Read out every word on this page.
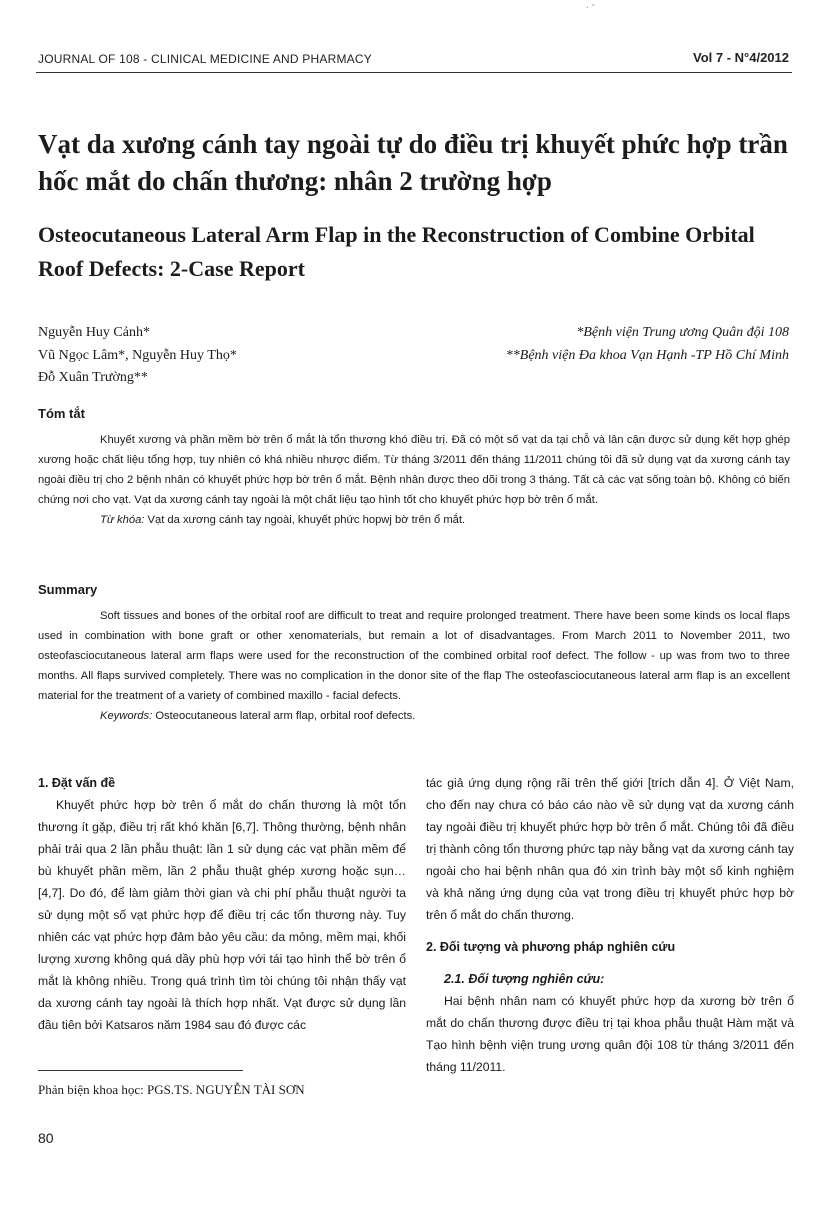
. -
JOURNAL OF 108 - CLINICAL MEDICINE AND PHARMACY	Vol 7 - N°4/2012
Vạt da xương cánh tay ngoài tự do điều trị khuyết phức hợp trần hốc mắt do chấn thương: nhân 2 trường hợp
Osteocutaneous Lateral Arm Flap in the Reconstruction of Combine Orbital Roof Defects: 2-Case Report
Nguyễn Huy Cảnh*
Vũ Ngọc Lâm*, Nguyễn Huy Thọ*
Đỗ Xuân Trường**
*Bệnh viện Trung ương Quân đội 108
**Bệnh viện Đa khoa Vạn Hạnh -TP Hồ Chí Minh
Tóm tắt

Khuyết xương và phần mềm bờ trên ổ mắt là tổn thương khó điều trị. Đã có một số vạt da tại chỗ và lân cận được sử dụng kết hợp ghép xương hoặc chất liệu tổng hợp, tuy nhiên có khá nhiều nhược điểm. Từ tháng 3/2011 đến tháng 11/2011 chúng tôi đã sử dụng vạt da xương cánh tay ngoài điều trị cho 2 bệnh nhân có khuyết phức hợp bờ trên ổ mắt. Bệnh nhân được theo dõi trong 3 tháng. Tất cả các vạt sống toàn bộ. Không có biến chứng nơi cho vạt. Vạt da xương cánh tay ngoài là một chất liệu tạo hình tốt cho khuyết phức hợp bờ trên ổ mắt.

Từ khóa: Vạt da xương cánh tay ngoài, khuyết phức hopwj bờ trên ổ mắt.

Summary

Soft tissues and bones of the orbital roof are difficult to treat and require prolonged treatment. There have been some kinds os local flaps used in combination with bone graft or other xenomaterials, but remain a lot of disadvantages. From March 2011 to November 2011, two osteofasciocutaneous lateral arm flaps were used for the reconstruction of the combined orbital roof defect. The follow - up was from two to three months. All flaps survived completely. There was no complication in the donor site of the flap The osteofasciocutaneous lateral arm flap is an excellent material for the treatment of a variety of combined maxillo - facial defects.

Keywords: Osteocutaneous lateral arm flap, orbital roof defects.

1. Đặt vấn đề

Khuyết phức hợp bờ trên ổ mắt do chấn thương là một tổn thương ít gặp, điều trị rất khó khăn [6,7]. Thông thường, bệnh nhân phải trải qua 2 lần phẫu thuật: lần 1 sử dụng các vạt phần mềm để bù khuyết phần mềm, lần 2 phẫu thuật ghép xương hoặc sụn… [4,7]. Do đó, để làm giảm thời gian và chi phí phẫu thuật người ta sử dụng một số vạt phức hợp để điều trị các tổn thương này. Tuy nhiên các vạt phức hợp đảm bảo yêu cầu: da mỏng, mềm mại, khối lượng xương không quá dầy phù hợp với tái tạo hình thể bờ trên ổ mắt là không nhiều. Trong quá trình tìm tòi chúng tôi nhận thấy vạt da xương cánh tay ngoài là thích hợp nhất. Vạt được sử dụng lần đầu tiên bởi Katsaros năm 1984 sau đó được các

tác giả ứng dụng rộng rãi trên thế giới [trích dẫn 4]. Ở Việt Nam, cho đến nay chưa có báo cáo nào về sử dụng vạt da xương cánh tay ngoài điều trị khuyết phức hợp bờ trên ổ mắt. Chúng tôi đã điều trị thành công tổn thương phức tạp này bằng vạt da xương cánh tay ngoài cho hai bệnh nhân qua đó xin trình bày một số kinh nghiệm và khả năng ứng dụng của vạt trong điều trị khuyết phức hợp bờ trên ổ mắt do chấn thương.

2. Đối tượng và phương pháp nghiên cứu
2.1. Đối tượng nghiên cứu:

Hai bệnh nhân nam có khuyết phức hợp da xương bờ trên ổ mắt do chấn thương được điều trị tại khoa phẫu thuật Hàm mặt và Tạo hình bệnh viện trung ương quân đội 108 từ tháng 3/2011 đến tháng 11/2011.

Phản biện khoa học: PGS.TS. NGUYỄN TÀI SƠN
80
